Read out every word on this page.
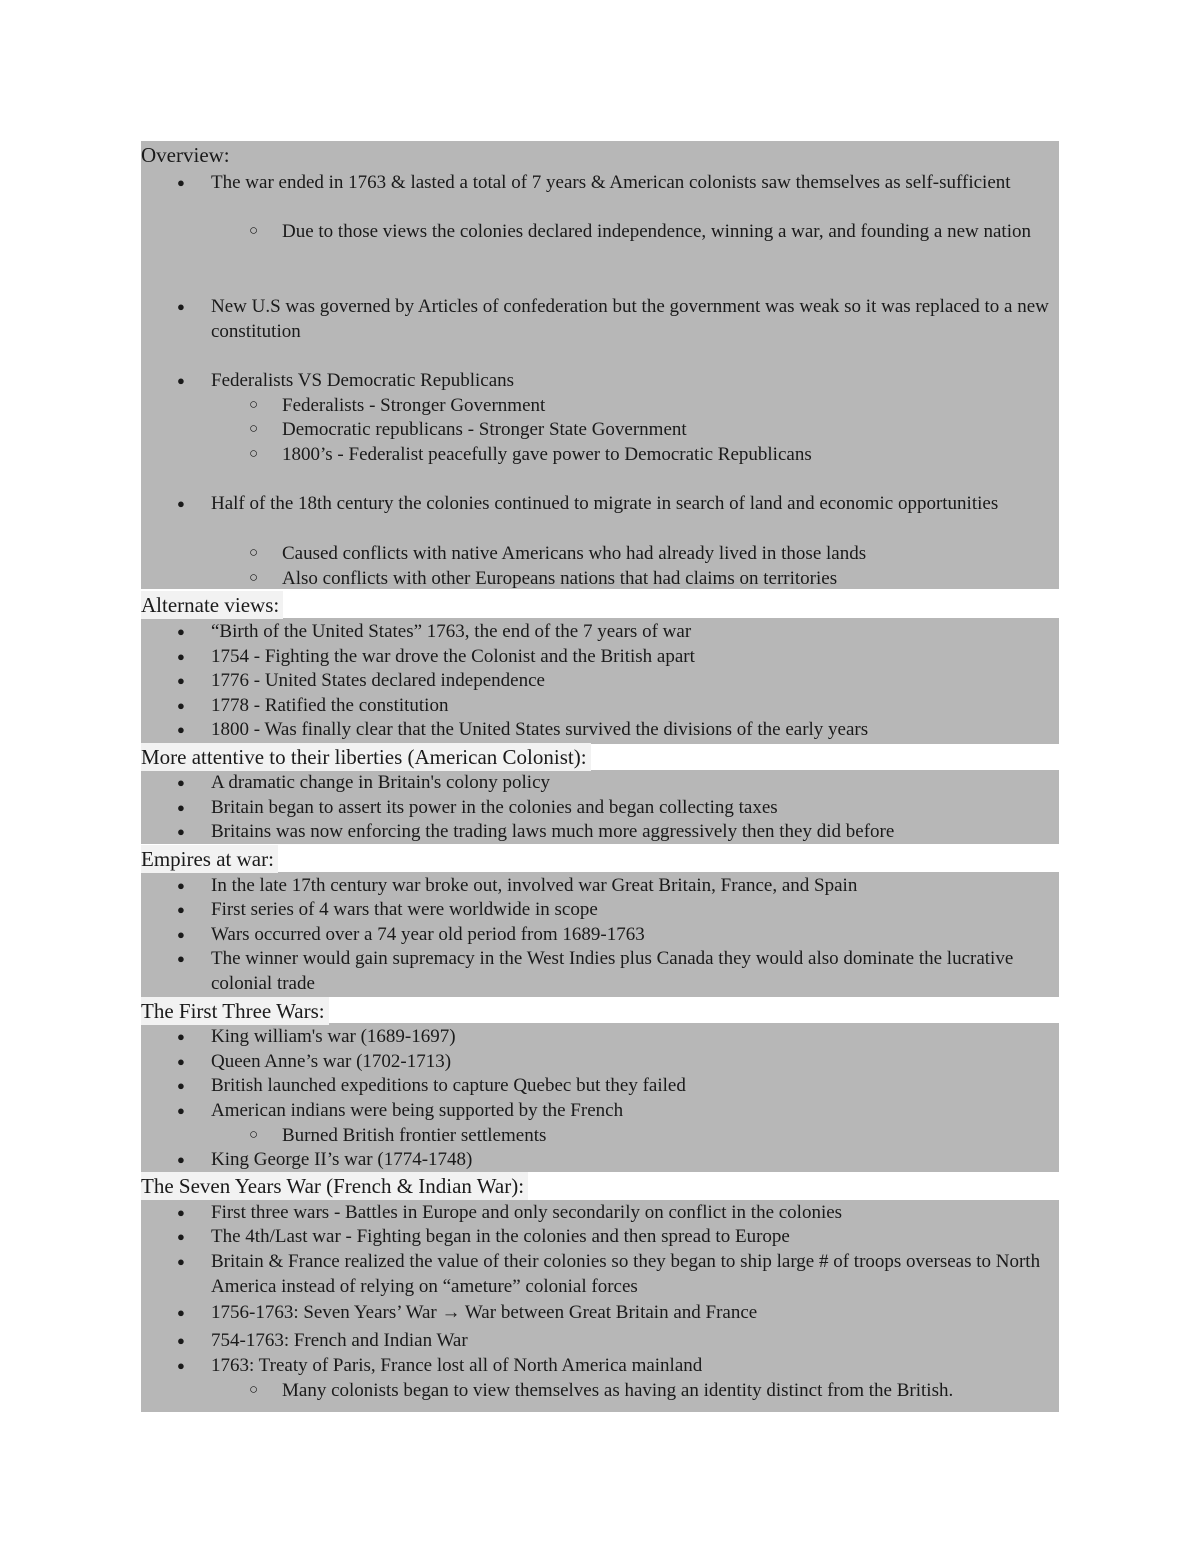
Overview:
● The war ended in 1763 & lasted a total of 7 years & American colonists saw themselves as self-sufficient
○ Due to those views the colonies declared independence, winning a war, and founding a new nation
● New U.S was governed by Articles of confederation but the government was weak so it was replaced to a new constitution
● Federalists VS Democratic Republicans
○ Federalists - Stronger Government
○ Democratic republicans - Stronger State Government
○ 1800’s - Federalist peacefully gave power to Democratic Republicans
● Half of the 18th century the colonies continued to migrate in search of land and economic opportunities
○ Caused conflicts with native Americans who had already lived in those lands
○ Also conflicts with other Europeans nations that had claims on territories
Alternate views:
● “Birth of the United States” 1763, the end of the 7 years of war
● 1754 - Fighting the war drove the Colonist and the British apart
● 1776 - United States declared independence
● 1778 - Ratified the constitution
● 1800 - Was finally clear that the United States survived the divisions of the early years
More attentive to their liberties (American Colonist):
● A dramatic change in Britain's colony policy
● Britain began to assert its power in the colonies and began collecting taxes
● Britains was now enforcing the trading laws much more aggressively then they did before
Empires at war:
● In the late 17th century war broke out, involved war Great Britain, France, and Spain
● First series of 4 wars that were worldwide in scope
● Wars occurred over a 74 year old period from 1689-1763
● The winner would gain supremacy in the West Indies plus Canada they would also dominate the lucrative colonial trade
The First Three Wars:
● King william's war (1689-1697)
● Queen Anne’s war (1702-1713)
● British launched expeditions to capture Quebec but they failed
● American indians were being supported by the French
○ Burned British frontier settlements
● King George II’s war (1774-1748)
The Seven Years War (French & Indian War):
● First three wars - Battles in Europe and only secondarily on conflict in the colonies
● The 4th/Last war - Fighting began in the colonies and then spread to Europe
● Britain & France realized the value of their colonies so they began to ship large # of troops overseas to North America instead of relying on “ameture” colonial forces
● 1756-1763: Seven Years’ War → War between Great Britain and France
● 754-1763: French and Indian War
● 1763: Treaty of Paris, France lost all of North America mainland
○ Many colonists began to view themselves as having an identity distinct from the British.
